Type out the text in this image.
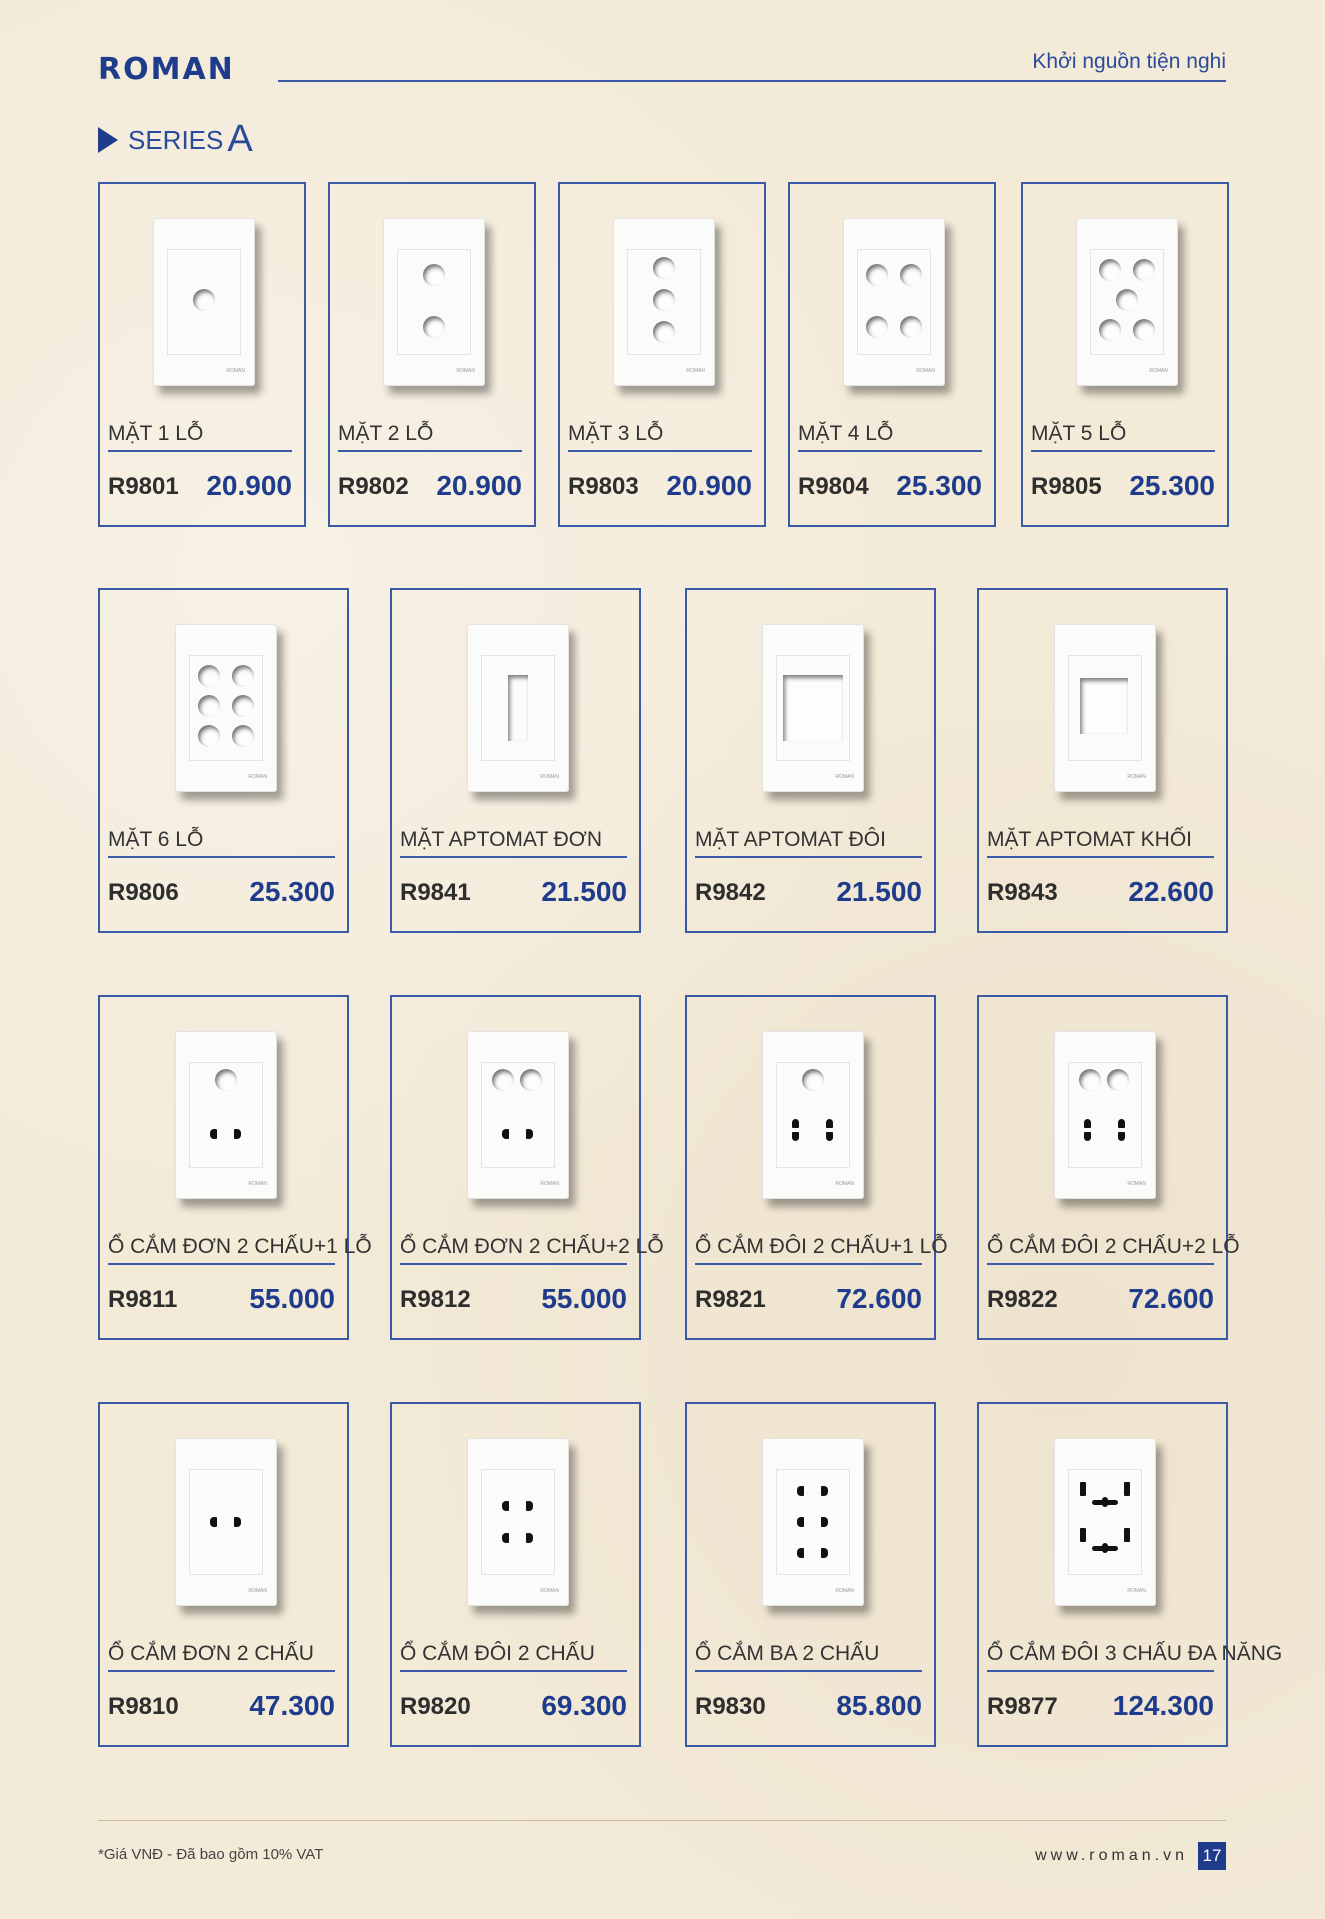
ROMAN	Khởi nguồn tiện nghi
SERIES A
ROMAN
MẶT 1 LỖ
R9801 20.900
ROMAN
MẶT 2 LỖ
R9802 20.900
ROMAN
MẶT 3 LỖ
R9803 20.900
ROMAN
MẶT 4 LỖ
R9804 25.300
ROMAN
MẶT 5 LỖ
R9805 25.300
ROMAN
MẶT 6 LỖ
R9806	25.300
ROMAN
MẶT APTOMAT ĐƠN
R9841	21.500
ROMAN
MẶT APTOMAT ĐÔI
R9842	21.500
ROMAN
MẶT APTOMAT KHỐI
R9843	22.600
ROMAN
Ổ CẮM ĐƠN 2 CHẤU+1 LỖ
R9811	55.000
ROMAN
Ổ CẮM ĐƠN 2 CHẤU+2 LỖ
R9812	55.000
ROMAN
Ổ CẮM ĐÔI 2 CHẤU+1 LỖ
R9821	72.600
ROMAN
Ổ CẮM ĐÔI 2 CHẤU+2 LỖ
R9822	72.600
ROMAN
Ổ CẮM ĐƠN 2 CHẤU
R9810	47.300
ROMAN
Ổ CẮM ĐÔI 2 CHẤU
R9820	69.300
ROMAN
Ổ CẮM BA 2 CHẤU
R9830	85.800
ROMAN
Ổ CẮM ĐÔI 3 CHẤU ĐA NĂNG
R9877 124.300
*Giá VNĐ - Đã bao gồm 10% VAT	www.roman.vn 17
